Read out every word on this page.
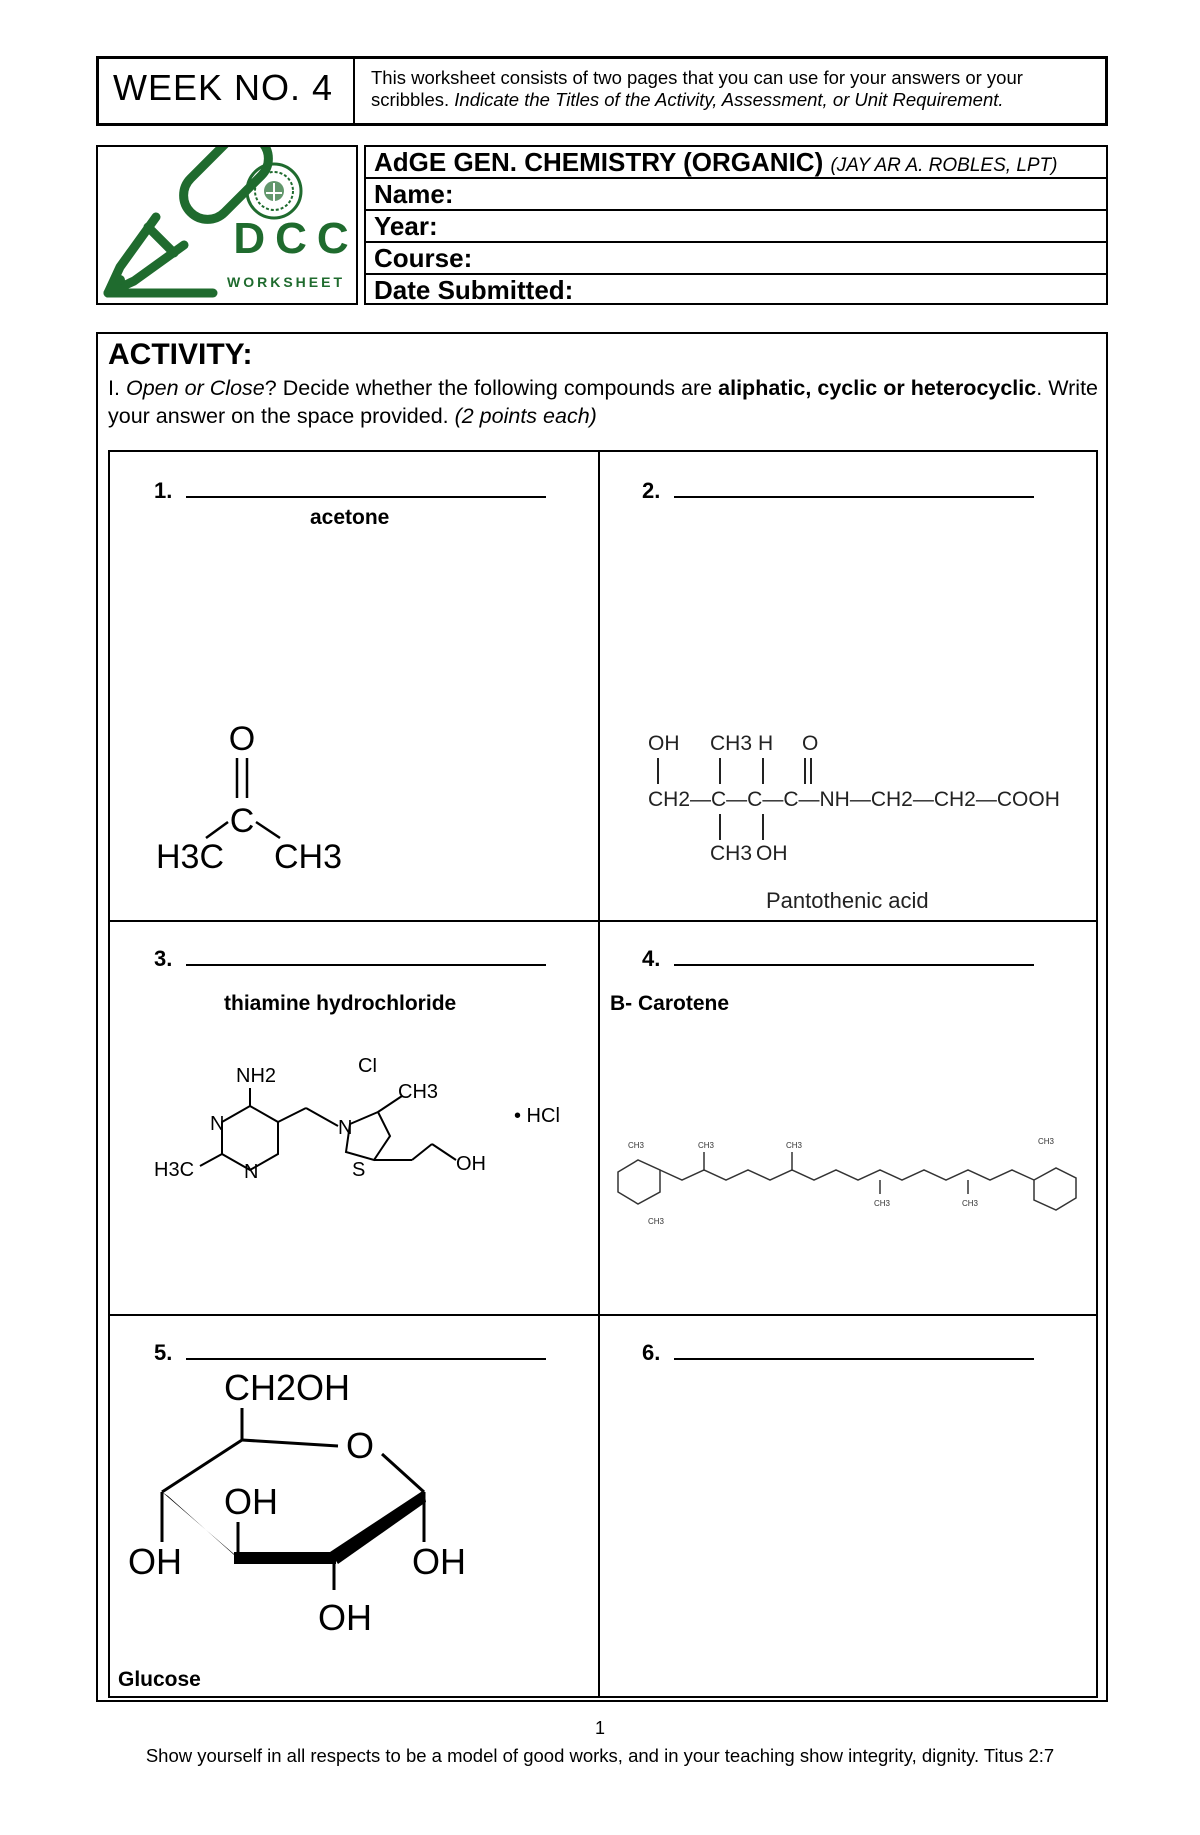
WEEK NO. 4 This worksheet consists of two pages that you can use for your answers or your scribbles. Indicate the Titles of the Activity, Assessment, or Unit Requirement.
DCC
WORKSHEET
AdGE GEN. CHEMISTRY (ORGANIC) (JAY AR A. ROBLES, LPT)
Name:
Year:
Course:
Date Submitted:
ACTIVITY:
I. Open or Close? Decide whether the following compounds are aliphatic, cyclic or heterocyclic. Write your answer on the space provided. (2 points each)
1.
acetone
O
C
H3C CH3
2.
OH CH3 H O
CH2—C—C—C—NH—CH2—CH2—COOH
CH3 OH
Pantothenic acid
3.
thiamine hydrochloride
NH2	Cl
CH3
• HCl
H3C
N
N
N
S	OH
4.
B- Carotene
CH3	CH3	CH3
CH3	CH3
CH3
CH3
5.
CH2OH
O
OH
OH	OH
OH
Glucose
6.
1
Show yourself in all respects to be a model of good works, and in your teaching show integrity, dignity. Titus 2:7
